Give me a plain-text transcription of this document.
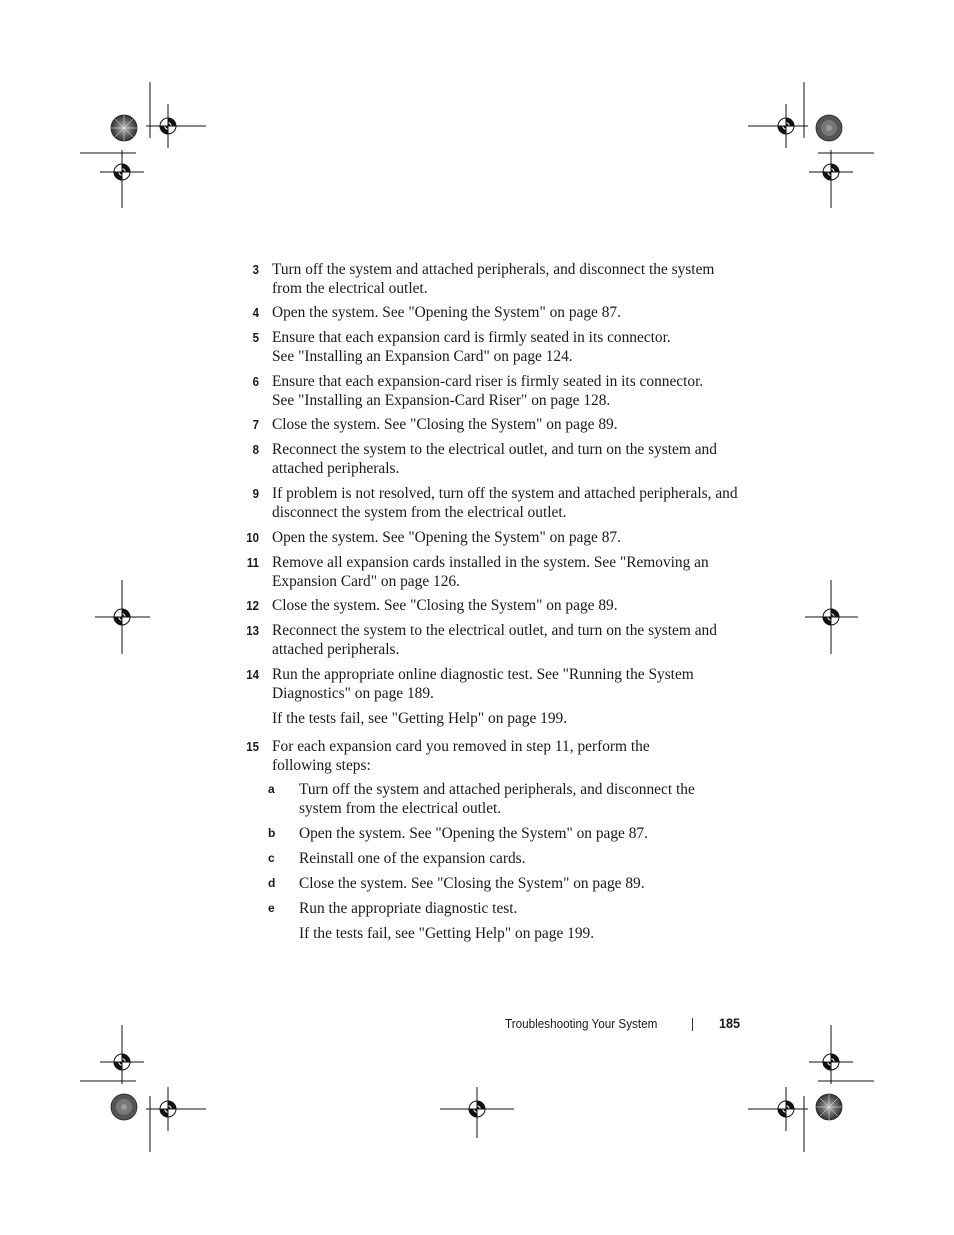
3 Turn off the system and attached peripherals, and disconnect the system from the electrical outlet.
4 Open the system. See "Opening the System" on page 87.
5 Ensure that each expansion card is firmly seated in its connector.
See "Installing an Expansion Card" on page 124.
6 Ensure that each expansion-card riser is firmly seated in its connector.
See "Installing an Expansion-Card Riser" on page 128.
7 Close the system. See "Closing the System" on page 89.
8 Reconnect the system to the electrical outlet, and turn on the system and attached peripherals.
9 If problem is not resolved, turn off the system and attached peripherals, and disconnect the system from the electrical outlet.
10 Open the system. See "Opening the System" on page 87.
11 Remove all expansion cards installed in the system. See "Removing an Expansion Card" on page 126.
12 Close the system. See "Closing the System" on page 89.
13 Reconnect the system to the electrical outlet, and turn on the system and attached peripherals.
14 Run the appropriate online diagnostic test. See "Running the System Diagnostics" on page 189.
If the tests fail, see "Getting Help" on page 199.
15 For each expansion card you removed in step 11, perform the
following steps:
a	Turn off the system and attached peripherals, and disconnect the system from the electrical outlet.
b	Open the system. See "Opening the System" on page 87.
c	Reinstall one of the expansion cards.
d	Close the system. See "Closing the System" on page 89.
e	Run the appropriate diagnostic test.
If the tests fail, see "Getting Help" on page 199.
Troubleshooting Your System	185
